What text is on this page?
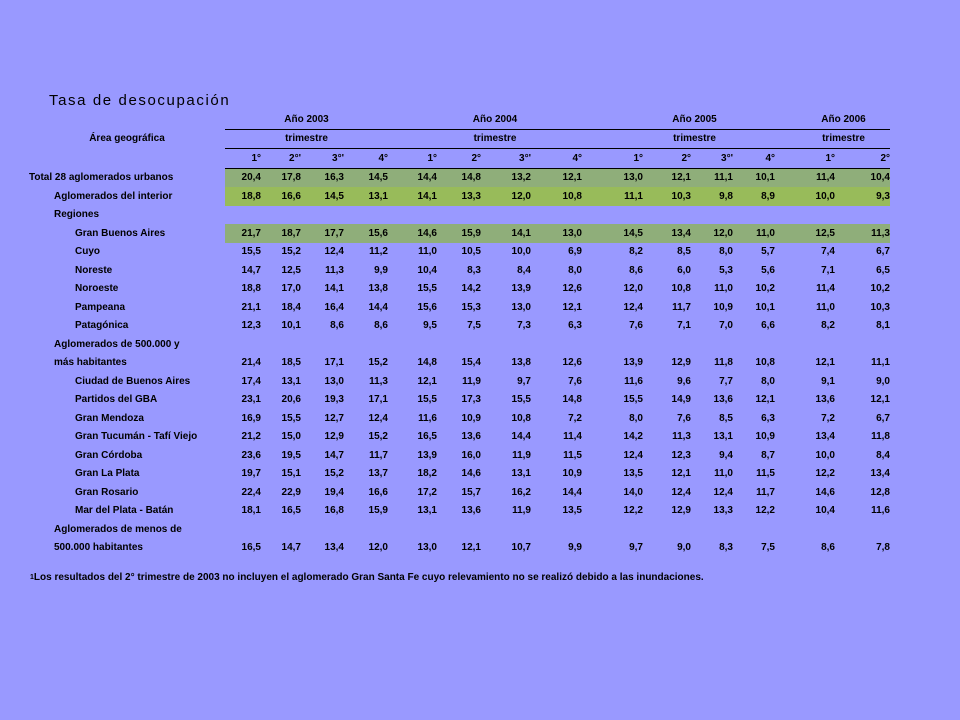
Tasa de desocupación
	Año 2003					Año 2004					Año 2005					Año 2006	
Área geográfica	trimestre					trimestre					trimestre					trimestre	
	1°	2°'	3°'	4°		1°	2°	3°'	4°		1°	2°	3°'	4°		1°	2°
Total 28 aglomerados urbanos	20,4	17,8	16,3	14,5		14,4	14,8	13,2	12,1		13,0	12,1	11,1	10,1		11,4	10,4
Aglomerados del interior	18,8	16,6	14,5	13,1		14,1	13,3	12,0	10,8		11,1	10,3	9,8	8,9		10,0	9,3
Regiones																	
Gran Buenos Aires	21,7	18,7	17,7	15,6		14,6	15,9	14,1	13,0		14,5	13,4	12,0	11,0		12,5	11,3
Cuyo	15,5	15,2	12,4	11,2		11,0	10,5	10,0	6,9		8,2	8,5	8,0	5,7		7,4	6,7
Noreste	14,7	12,5	11,3	9,9		10,4	8,3	8,4	8,0		8,6	6,0	5,3	5,6		7,1	6,5
Noroeste	18,8	17,0	14,1	13,8		15,5	14,2	13,9	12,6		12,0	10,8	11,0	10,2		11,4	10,2
Pampeana	21,1	18,4	16,4	14,4		15,6	15,3	13,0	12,1		12,4	11,7	10,9	10,1		11,0	10,3
Patagónica	12,3	10,1	8,6	8,6		9,5	7,5	7,3	6,3		7,6	7,1	7,0	6,6		8,2	8,1
Aglomerados de 500.000 y																	
más habitantes	21,4	18,5	17,1	15,2		14,8	15,4	13,8	12,6		13,9	12,9	11,8	10,8		12,1	11,1
Ciudad de Buenos Aires	17,4	13,1	13,0	11,3		12,1	11,9	9,7	7,6		11,6	9,6	7,7	8,0		9,1	9,0
Partidos del GBA	23,1	20,6	19,3	17,1		15,5	17,3	15,5	14,8		15,5	14,9	13,6	12,1		13,6	12,1
Gran Mendoza	16,9	15,5	12,7	12,4		11,6	10,9	10,8	7,2		8,0	7,6	8,5	6,3		7,2	6,7
Gran Tucumán - Tafí Viejo	21,2	15,0	12,9	15,2		16,5	13,6	14,4	11,4		14,2	11,3	13,1	10,9		13,4	11,8
Gran Córdoba	23,6	19,5	14,7	11,7		13,9	16,0	11,9	11,5		12,4	12,3	9,4	8,7		10,0	8,4
Gran La Plata	19,7	15,1	15,2	13,7		18,2	14,6	13,1	10,9		13,5	12,1	11,0	11,5		12,2	13,4
Gran Rosario	22,4	22,9	19,4	16,6		17,2	15,7	16,2	14,4		14,0	12,4	12,4	11,7		14,6	12,8
Mar del Plata - Batán	18,1	16,5	16,8	15,9		13,1	13,6	11,9	13,5		12,2	12,9	13,3	12,2		10,4	11,6
Aglomerados de menos de																	
500.000 habitantes	16,5	14,7	13,4	12,0		13,0	12,1	10,7	9,9		9,7	9,0	8,3	7,5		8,6	7,8
1Los resultados del 2° trimestre de 2003 no incluyen el aglomerado Gran Santa Fe cuyo relevamiento no se realizó debido a las inundaciones.
